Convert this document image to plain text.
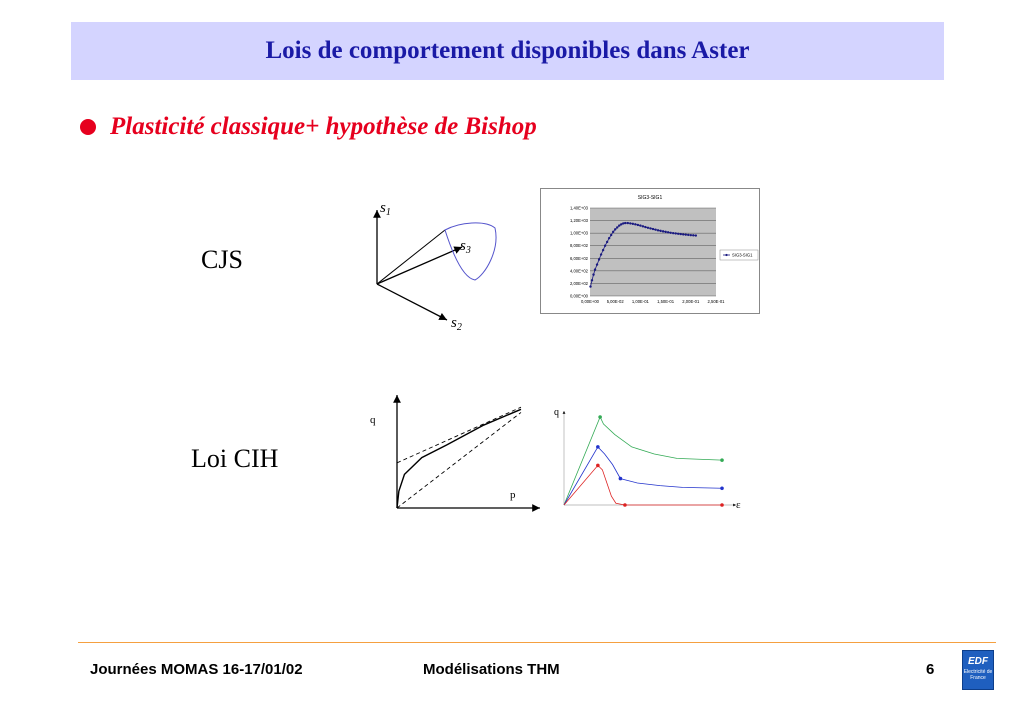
Lois de comportement disponibles dans Aster
Plasticité classique+ hypothèse de Bishop
CJS
Loi CIH
$s_1$
$s_2$
$s_3$
SIG3-SIG1
0,00E+00
2,00E+02
4,00E+02
6,00E+02
8,00E+02
1,00E+03
1,20E+03
1,40E+03
0,00E+00 5,00E-02 1,00E-01 1,50E-01 2,00E-01 2,50E-01
SIG3-SIG1
q
p
q
ε
Journées MOMAS 16-17/01/02	Modélisations THM	6	EDF
Electricité de France
